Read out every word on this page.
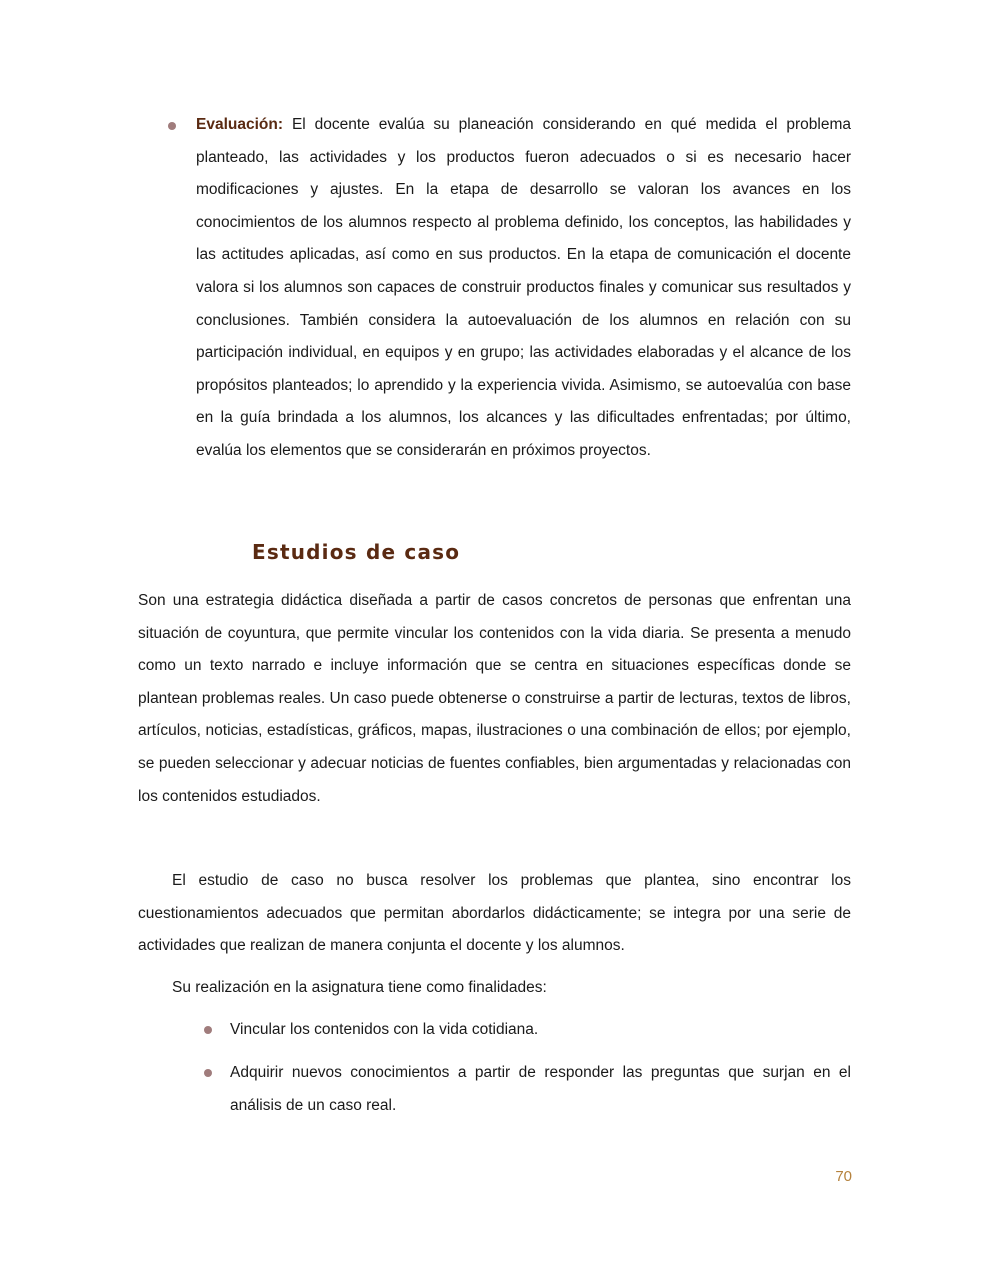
Evaluación: El docente evalúa su planeación considerando en qué medida el problema planteado, las actividades y los productos fueron adecuados o si es necesario hacer modificaciones y ajustes. En la etapa de desarrollo se valoran los avances en los conocimientos de los alumnos respecto al problema definido, los conceptos, las habilidades y las actitudes aplicadas, así como en sus productos. En la etapa de comunicación el docente valora si los alumnos son capaces de construir productos finales y comunicar sus resultados y conclusiones. También considera la autoevaluación de los alumnos en relación con su participación individual, en equipos y en grupo; las actividades elaboradas y el alcance de los propósitos planteados; lo aprendido y la experiencia vivida. Asimismo, se autoevalúa con base en la guía brindada a los alumnos, los alcances y las dificultades enfrentadas; por último, evalúa los elementos que se considerarán en próximos proyectos.

Estudios de caso

Son una estrategia didáctica diseñada a partir de casos concretos de personas que enfrentan una situación de coyuntura, que permite vincular los contenidos con la vida diaria. Se presenta a menudo como un texto narrado e incluye información que se centra en situaciones específicas donde se plantean problemas reales. Un caso puede obtenerse o construirse a partir de lecturas, textos de libros, artículos, noticias, estadísticas, gráficos, mapas, ilustraciones o una combinación de ellos; por ejemplo, se pueden seleccionar y adecuar noticias de fuentes confiables, bien argumentadas y relacionadas con los contenidos estudiados.

El estudio de caso no busca resolver los problemas que plantea, sino encontrar los cuestionamientos adecuados que permitan abordarlos didácticamente; se integra por una serie de actividades que realizan de manera conjunta el docente y los alumnos.

Su realización en la asignatura tiene como finalidades:

Vincular los contenidos con la vida cotidiana.

Adquirir nuevos conocimientos a partir de responder las preguntas que surjan en el análisis de un caso real.

70
